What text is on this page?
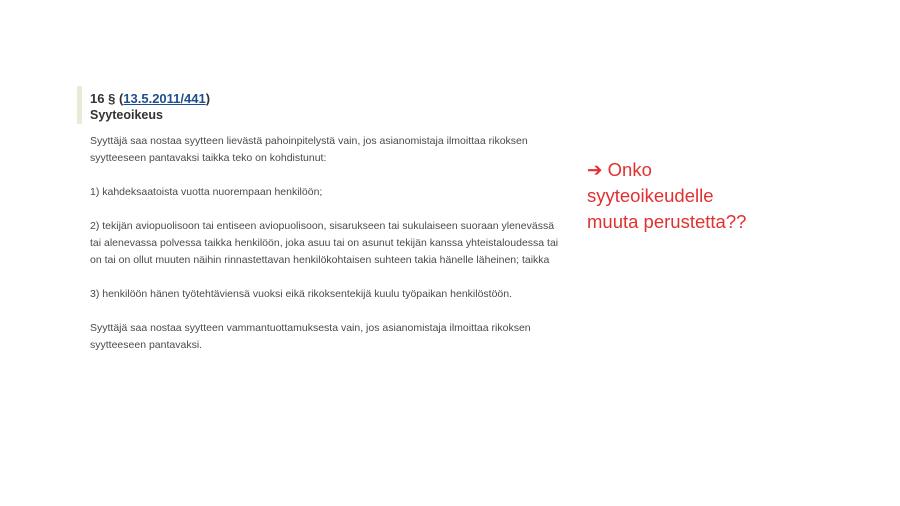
16 § (13.5.2011/441)

Syyteoikeus

Syyttäjä saa nostaa syytteen lievästä pahoinpitelystä vain, jos asianomistaja ilmoittaa rikoksen
syytteeseen pantavaksi taikka teko on kohdistunut:

1) kahdeksaatoista vuotta nuorempaan henkilöön;

2) tekijän aviopuolisoon tai entiseen aviopuolisoon, sisarukseen tai sukulaiseen suoraan ylenevässä
tai alenevassa polvessa taikka henkilöön, joka asuu tai on asunut tekijän kanssa yhteistaloudessa tai
on tai on ollut muuten näihin rinnastettavan henkilökohtaisen suhteen takia hänelle läheinen; taikka

3) henkilöön hänen työtehtäviensä vuoksi eikä rikoksentekijä kuulu työpaikan henkilöstöön.

Syyttäjä saa nostaa syytteen vammantuottamuksesta vain, jos asianomistaja ilmoittaa rikoksen
syytteeseen pantavaksi.

➔ Onko
syyteoikeudelle
muuta perustetta??
